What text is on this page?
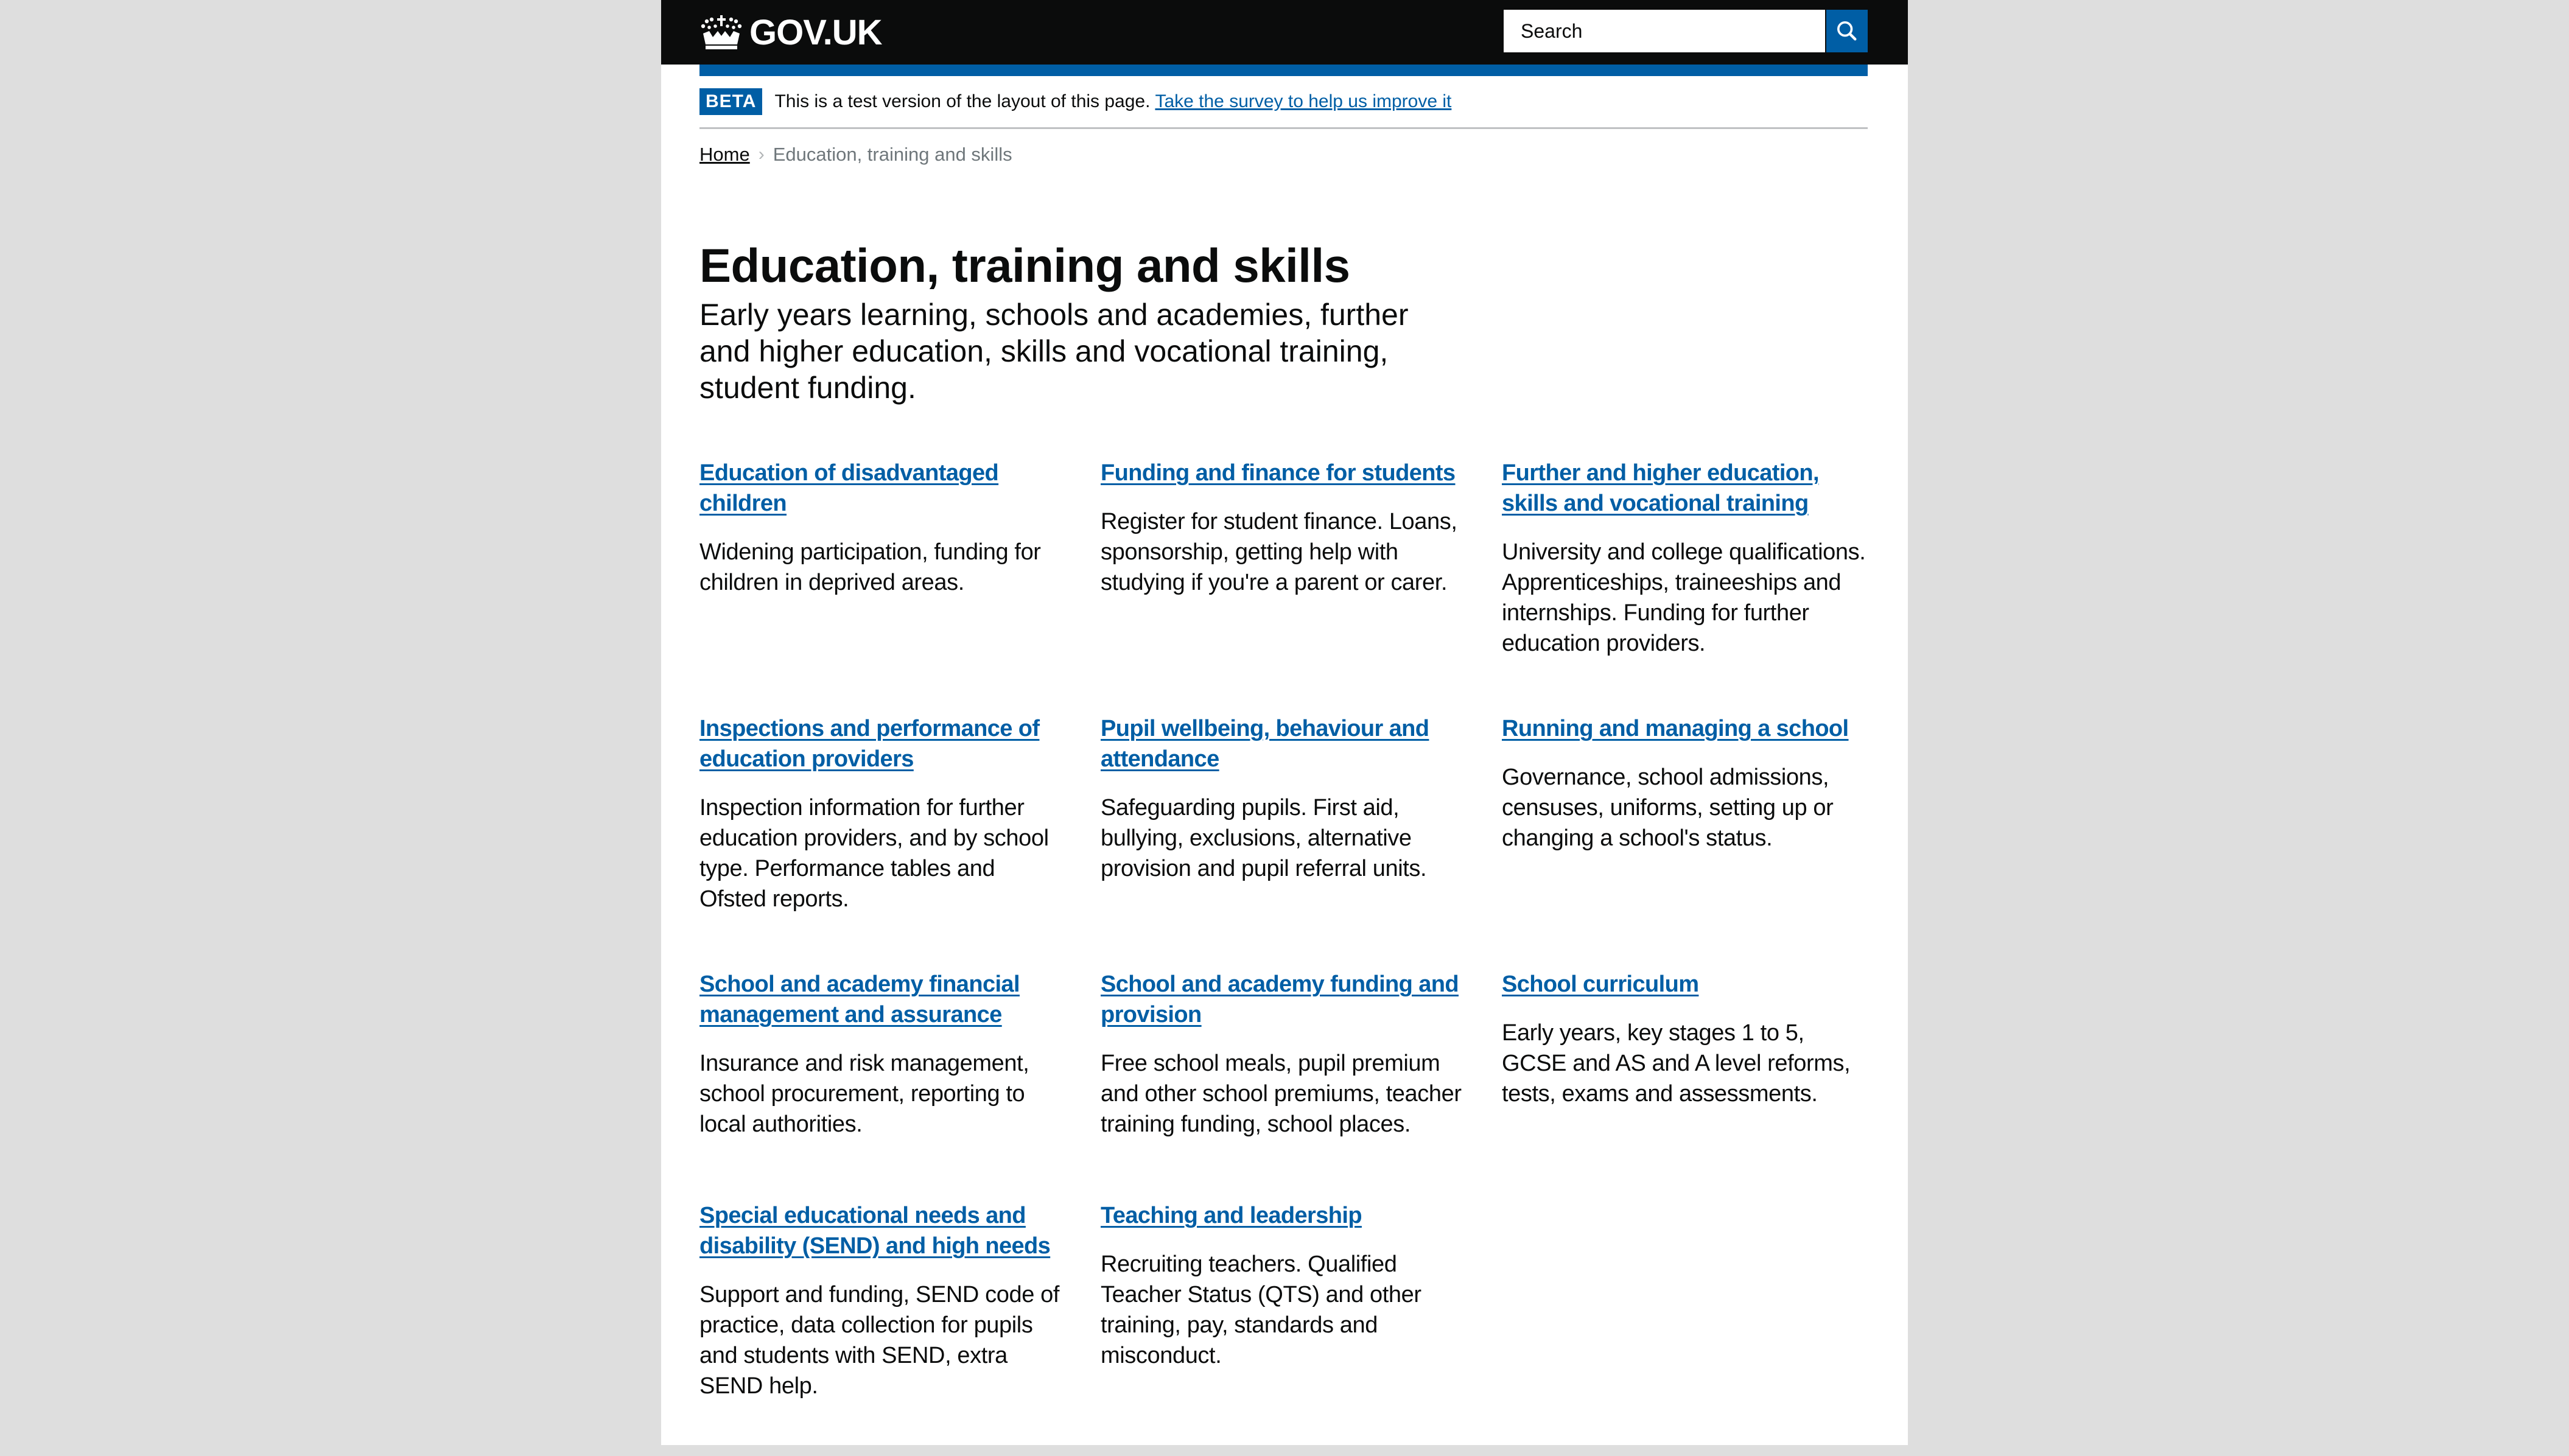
GOV.UK
Search
BETA	This is a test version of the layout of this page. Take the survey to help us improve it
Home › Education, training and skills
Education, training and skills

Early years learning, schools and academies, further and higher education, skills and vocational training, student funding.

Education of disadvantaged children

Widening participation, funding for children in deprived areas.

Funding and finance for students

Register for student finance. Loans, sponsorship, getting help with studying if you're a parent or carer.

Further and higher education, skills and vocational training

University and college qualifications. Apprenticeships, traineeships and internships. Funding for further education providers.

Inspections and performance of education providers

Inspection information for further education providers, and by school type. Performance tables and Ofsted reports.

Pupil wellbeing, behaviour and attendance

Safeguarding pupils. First aid, bullying, exclusions, alternative provision and pupil referral units.

Running and managing a school

Governance, school admissions, censuses, uniforms, setting up or changing a school's status.

School and academy financial management and assurance

Insurance and risk management, school procurement, reporting to local authorities.

School and academy funding and provision

Free school meals, pupil premium and other school premiums, teacher training funding, school places.

School curriculum

Early years, key stages 1 to 5, GCSE and AS and A level reforms, tests, exams and assessments.

Special educational needs and disability (SEND) and high needs

Support and funding, SEND code of practice, data collection for pupils and students with SEND, extra SEND help.

Teaching and leadership

Recruiting teachers. Qualified Teacher Status (QTS) and other training, pay, standards and misconduct.
